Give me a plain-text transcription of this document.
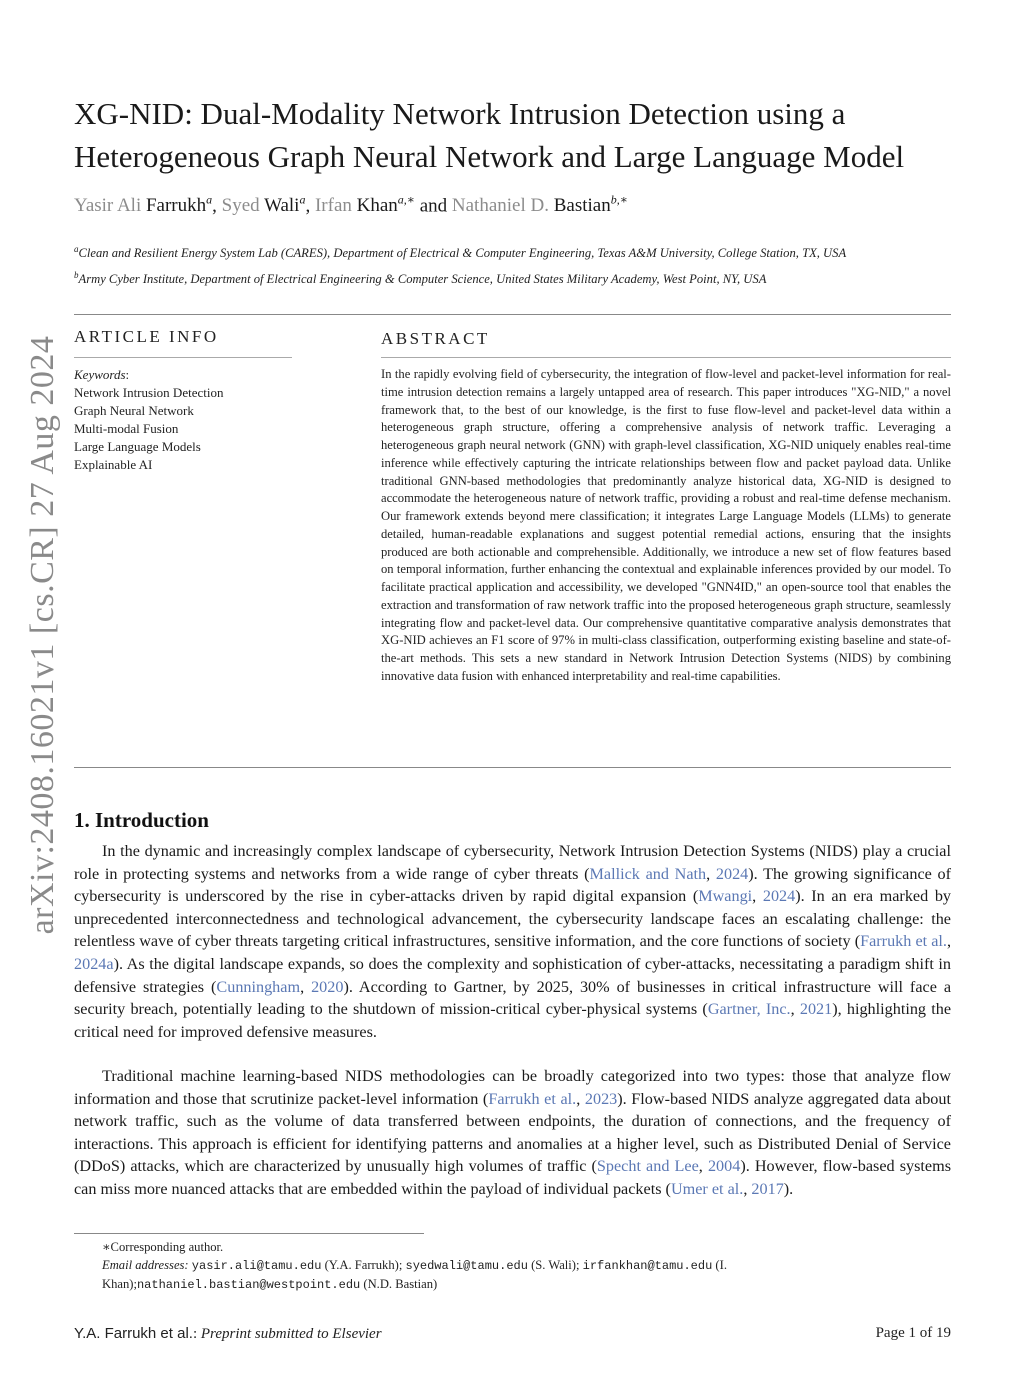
arXiv:2408.16021v1 [cs.CR] 27 Aug 2024
XG-NID: Dual-Modality Network Intrusion Detection using a
Heterogeneous Graph Neural Network and Large Language Model
Yasir Ali Farrukh$^a$, Syed Wali$^a$, Irfan Khan$^{a,∗}$ and Nathaniel D. Bastian$^{b,∗}$

$^a$Clean and Resilient Energy System Lab (CARES), Department of Electrical & Computer Engineering, Texas A&M University, College Station, TX, USA

$^b$Army Cyber Institute, Department of Electrical Engineering & Computer Science, United States Military Academy, West Point, NY, USA

ARTICLE INFO
Keywords:
Network Intrusion Detection
Graph Neural Network
Multi-modal Fusion
Large Language Models
Explainable AI
ABSTRACT

In the rapidly evolving field of cybersecurity, the integration of flow-level and packet-level information for real-time intrusion detection remains a largely untapped area of research. This paper introduces "XG-NID," a novel framework that, to the best of our knowledge, is the first to fuse flow-level and packet-level data within a heterogeneous graph structure, offering a comprehensive analysis of network traffic. Leveraging a heterogeneous graph neural network (GNN) with graph-level classification, XG-NID uniquely enables real-time inference while effectively capturing the intricate relationships between flow and packet payload data. Unlike traditional GNN-based methodologies that predominantly analyze historical data, XG-NID is designed to accommodate the heterogeneous nature of network traffic, providing a robust and real-time defense mechanism. Our framework extends beyond mere classification; it integrates Large Language Models (LLMs) to generate detailed, human-readable explanations and suggest potential remedial actions, ensuring that the insights produced are both actionable and comprehensible. Additionally, we introduce a new set of flow features based on temporal information, further enhancing the contextual and explainable inferences provided by our model. To facilitate practical application and accessibility, we developed "GNN4ID," an open-source tool that enables the extraction and transformation of raw network traffic into the proposed heterogeneous graph structure, seamlessly integrating flow and packet-level data. Our comprehensive quantitative comparative analysis demonstrates that XG-NID achieves an F1 score of 97% in multi-class classification, outperforming existing baseline and state-of-the-art methods. This sets a new standard in Network Intrusion Detection Systems (NIDS) by combining innovative data fusion with enhanced interpretability and real-time capabilities.

1. Introduction

In the dynamic and increasingly complex landscape of cybersecurity, Network Intrusion Detection Systems (NIDS) play a crucial role in protecting systems and networks from a wide range of cyber threats (Mallick and Nath, 2024). The growing significance of cybersecurity is underscored by the rise in cyber-attacks driven by rapid digital expansion (Mwangi, 2024). In an era marked by unprecedented interconnectedness and technological advancement, the cybersecurity landscape faces an escalating challenge: the relentless wave of cyber threats targeting critical infrastructures, sensitive information, and the core functions of society (Farrukh et al., 2024a). As the digital landscape expands, so does the complexity and sophistication of cyber-attacks, necessitating a paradigm shift in defensive strategies (Cunningham, 2020). According to Gartner, by 2025, 30% of businesses in critical infrastructure will face a security breach, potentially leading to the shutdown of mission-critical cyber-physical systems (Gartner, Inc., 2021), highlighting the critical need for improved defensive measures.

Traditional machine learning-based NIDS methodologies can be broadly categorized into two types: those that analyze flow information and those that scrutinize packet-level information (Farrukh et al., 2023). Flow-based NIDS analyze aggregated data about network traffic, such as the volume of data transferred between endpoints, the duration of connections, and the frequency of interactions. This approach is efficient for identifying patterns and anomalies at a higher level, such as Distributed Denial of Service (DDoS) attacks, which are characterized by unusually high volumes of traffic (Specht and Lee, 2004). However, flow-based systems can miss more nuanced attacks that are embedded within the payload of individual packets (Umer et al., 2017).

∗Corresponding author.

Email addresses: yasir.ali@tamu.edu (Y.A. Farrukh); syedwali@tamu.edu (S. Wali); irfankhan@tamu.edu (I. Khan);nathaniel.bastian@westpoint.edu (N.D. Bastian)

Y.A. Farrukh et al.: Preprint submitted to Elsevier	Page 1 of 19
